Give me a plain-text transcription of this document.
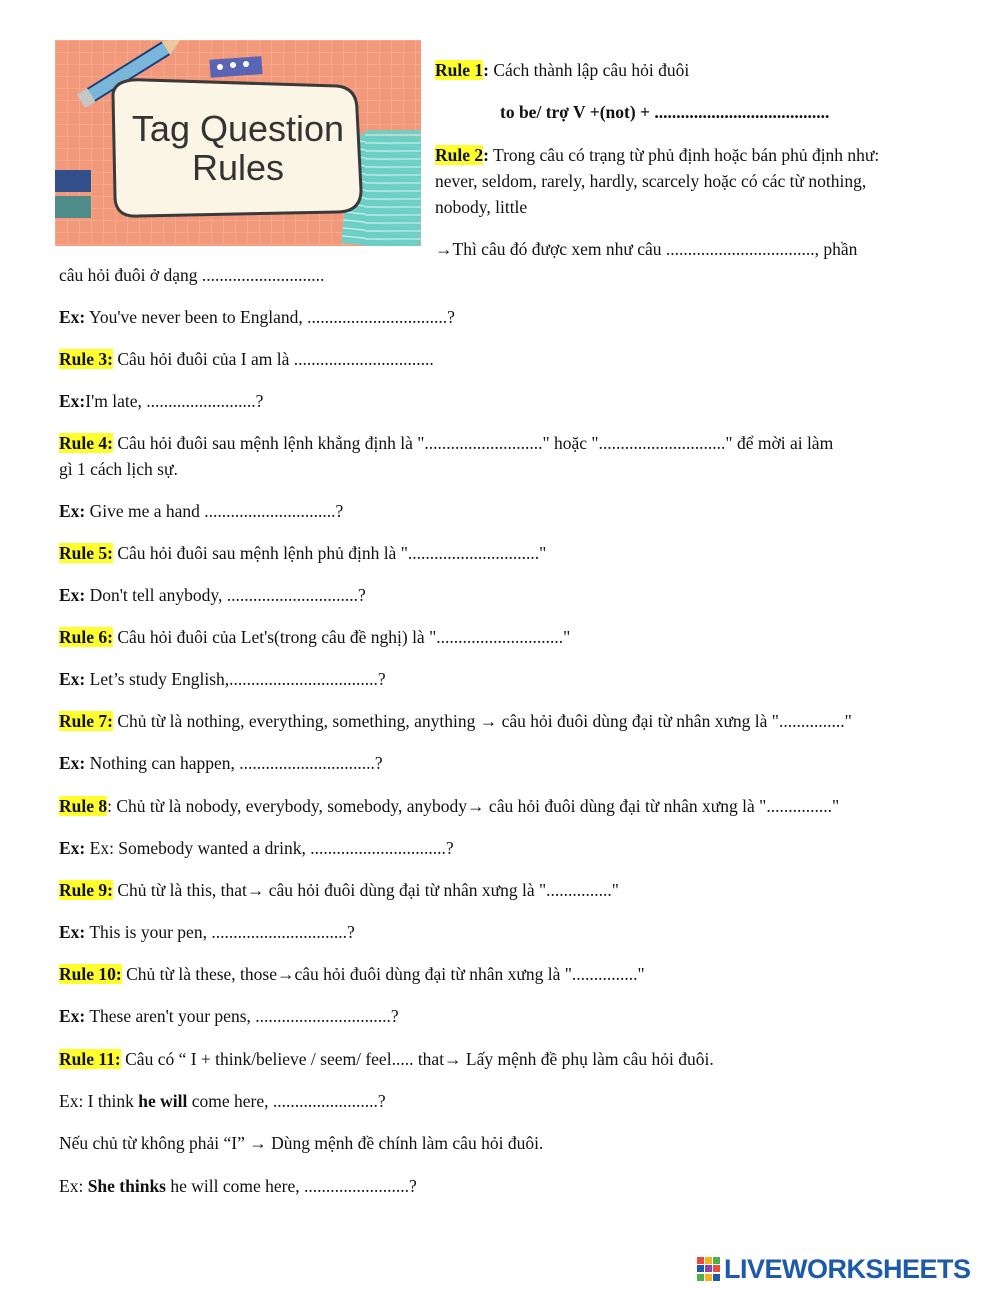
Tag Question
Rules
Rule 1: Cách thành lập câu hỏi đuôi
to be/ trợ V +(not) + ........................................
Rule 2: Trong câu có trạng từ phủ định hoặc bán phủ định như:
never, seldom, rarely, hardly, scarcely hoặc có các từ nothing,
nobody, little
→Thì câu đó được xem như câu .................................., phần
câu hỏi đuôi ở dạng ............................
Ex: You've never been to England, ................................?
Rule 3: Câu hỏi đuôi của I am là ................................
Ex:I'm late, .........................?
Rule 4: Câu hỏi đuôi sau mệnh lệnh khẳng định là "..........................." hoặc "............................." để mời ai làm
gì 1 cách lịch sự.
Ex: Give me a hand ..............................?
Rule 5: Câu hỏi đuôi sau mệnh lệnh phủ định là ".............................."
Ex: Don't tell anybody, ..............................?
Rule 6: Câu hỏi đuôi của Let's(trong câu đề nghị) là "............................."
Ex: Let’s study English,..................................?
Rule 7: Chủ từ là nothing, everything, something, anything → câu hỏi đuôi dùng đại từ nhân xưng là "..............."
Ex: Nothing can happen, ...............................?
Rule 8: Chủ từ là nobody, everybody, somebody, anybody→ câu hỏi đuôi dùng đại từ nhân xưng là "..............."
Ex: Ex: Somebody wanted a drink, ...............................?
Rule 9: Chủ từ là this, that→ câu hỏi đuôi dùng đại từ nhân xưng là "..............."
Ex: This is your pen, ...............................?
Rule 10: Chủ từ là these, those→câu hỏi đuôi dùng đại từ nhân xưng là "..............."
Ex: These aren't your pens, ...............................?
Rule 11: Câu có “ I + think/believe / seem/ feel..... that→ Lấy mệnh đề phụ làm câu hỏi đuôi.
Ex: I think he will come here, ........................?
Nếu chủ từ không phải “I” → Dùng mệnh đề chính làm câu hỏi đuôi.
Ex: She thinks he will come here, ........................?
LIVEWORKSHEETS
